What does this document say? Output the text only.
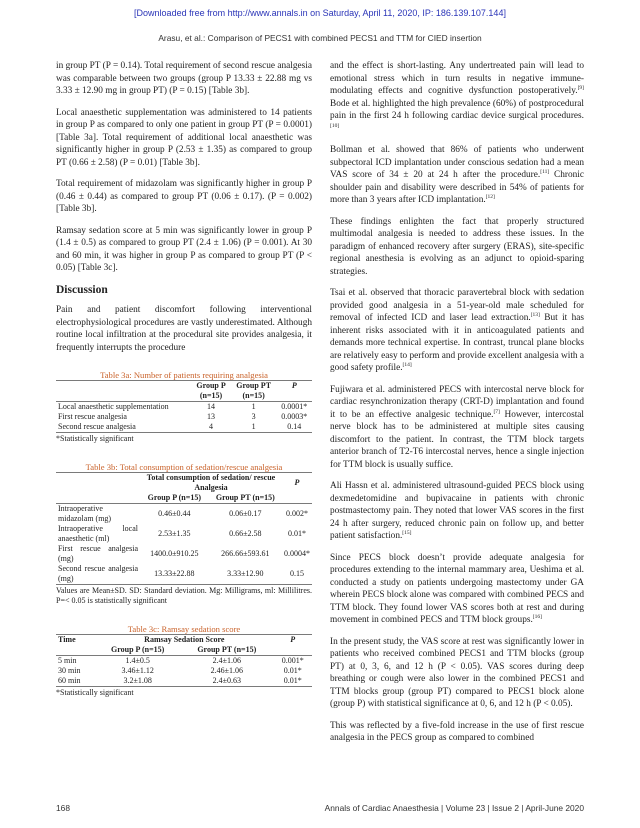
[Downloaded free from http://www.annals.in on Saturday, April 11, 2020, IP: 186.139.107.144]
Arasu, et al.: Comparison of PECS1 with combined PECS1 and TTM for CIED insertion

in group PT (P = 0.14). Total requirement of second rescue analgesia was comparable between two groups (group P 13.33 ± 22.88 mg vs 3.33 ± 12.90 mg in group PT) (P = 0.15) [Table 3b].

Local anaesthetic supplementation was administered to 14 patients in group P as compared to only one patient in group PT (P = 0.0001) [Table 3a]. Total requirement of additional local anaesthetic was significantly higher in group P (2.53 ± 1.35) as compared to group PT (0.66 ± 2.58) (P = 0.01) [Table 3b].

Total requirement of midazolam was significantly higher in group P (0.46 ± 0.44) as compared to group PT (0.06 ± 0.17). (P = 0.002) [Table 3b].

Ramsay sedation score at 5 min was significantly lower in group P (1.4 ± 0.5) as compared to group PT (2.4 ± 1.06) (P = 0.001). At 30 and 60 min, it was higher in group P as compared to group PT (P < 0.05) [Table 3c].

Discussion

Pain and patient discomfort following interventional electrophysiological procedures are vastly underestimated. Although routine local infiltration at the procedural site provides analgesia, it frequently interrupts the procedure

Table 3a: Number of patients requiring analgesia			
	Group P	Group PT	P
	(n=15)	(n=15)	
Local anaesthetic supplementation	14	1	0.0001*
First rescue analgesia	13	3	0.0003*
Second rescue analgesia	4	1	0.14
*Statistically significant
Table 3b: Total consumption of sedation/rescue analgesia			
	Total consumption of sedation/ rescue Analgesia		P
	Group P (n=15)	Group PT (n=15)	
Intraoperative midazolam (mg)	0.46±0.44	0.06±0.17	0.002*
Intraoperative local anaesthetic (ml)	2.53±1.35	0.66±2.58	0.01*
First rescue analgesia (mg)	1400.0±910.25	266.66±593.61	0.0004*
Second rescue analgesia (mg)	13.33±22.88	3.33±12.90	0.15
Values are Mean±SD. SD: Standard deviation. Mg: Milligrams, ml: Millilitres. P=< 0.05 is statistically significant
Table 3c: Ramsay sedation score			
Time	Ramsay Sedation Score		P
	Group P (n=15)	Group PT (n=15)	
5 min	1.4±0.5	2.4±1.06	0.001*
30 min	3.46±1.12	2.46±1.06	0.01*
60 min	3.2±1.08	2.4±0.63	0.01*
*Statistically significant

and the effect is short-lasting. Any undertreated pain will lead to emotional stress which in turn results in negative immune-modulating effects and cognitive dysfunction postoperatively.[9] Bode et al. highlighted the high prevalence (60%) of postprocedural pain in the first 24 h following cardiac device surgical procedures.[10]

Bollman et al. showed that 86% of patients who underwent subpectoral ICD implantation under conscious sedation had a mean VAS score of 34 ± 20 at 24 h after the procedure.[11] Chronic shoulder pain and disability were described in 54% of patients for more than 3 years after ICD implantation.[12]

These findings enlighten the fact that properly structured multimodal analgesia is needed to address these issues. In the paradigm of enhanced recovery after surgery (ERAS), site-specific regional anesthesia is evolving as an adjunct to opioid-sparing strategies.

Tsai et al. observed that thoracic paravertebral block with sedation provided good analgesia in a 51-year-old male scheduled for removal of infected ICD and laser lead extraction.[13] But it has inherent risks associated with it in anticoagulated patients and demands more technical expertise. In contrast, truncal plane blocks are relatively easy to perform and provide excellent analgesia with a good safety profile.[14]

Fujiwara et al. administered PECS with intercostal nerve block for cardiac resynchronization therapy (CRT-D) implantation and found it to be an effective analgesic technique.[7] However, intercostal nerve block has to be administered at multiple sites causing discomfort to the patient. In contrast, the TTM block targets anterior branch of T2-T6 intercostal nerves, hence a single injection for TTM block is usually suffice.

Ali Hassn et al. administered ultrasound-guided PECS block using dexmedetomidine and bupivacaine in patients with chronic postmastectomy pain. They noted that lower VAS scores in the first 24 h after surgery, reduced chronic pain on follow up, and better patient satisfaction.[15]

Since PECS block doesn’t provide adequate analgesia for procedures extending to the internal mammary area, Ueshima et al. conducted a study on patients undergoing mastectomy under GA wherein PECS block alone was compared with combined PECS and TTM block. They found lower VAS scores both at rest and during movement in combined PECS and TTM block groups.[16]

In the present study, the VAS score at rest was significantly lower in patients who received combined PECS1 and TTM blocks (group PT) at 0, 3, 6, and 12 h (P < 0.05). VAS scores during deep breathing or cough were also lower in the combined PECS1 and TTM blocks group (group PT) compared to PECS1 block alone (group P) with statistical significance at 0, 6, and 12 h (P < 0.05).

This was reflected by a five-fold increase in the use of first rescue analgesia in the PECS group as compared to combined

168	Annals of Cardiac Anaesthesia | Volume 23 | Issue 2 | April-June 2020
